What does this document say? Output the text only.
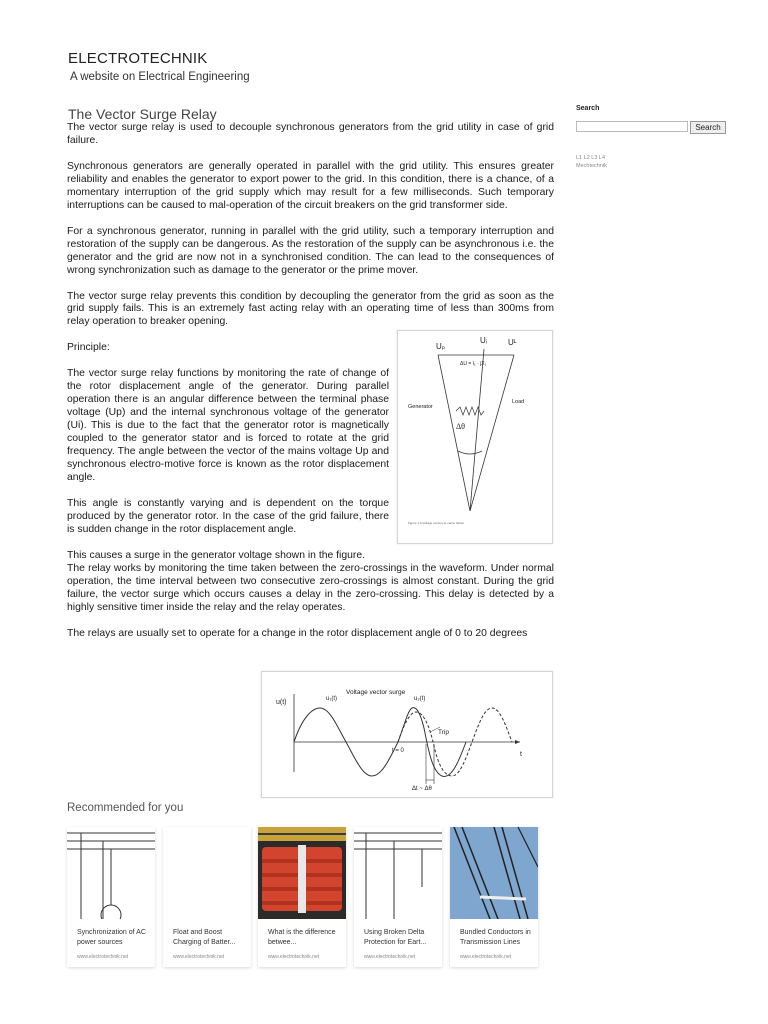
ELECTROTECHNIK
A website on Electrical Engineering
The Vector Surge Relay

The vector surge relay is used to decouple synchronous generators from the grid utility in case of grid failure.

Synchronous generators are generally operated in parallel with the grid utility. This ensures greater reliability and enables the generator to export power to the grid. In this condition, there is a chance, of a momentary interruption of the grid supply which may result for a few milliseconds. Such temporary interruptions can be caused to mal-operation of the circuit breakers on the grid transformer side.

For a synchronous generator, running in parallel with the grid utility, such a temporary interruption and restoration of the supply can be dangerous. As the restoration of the supply can be asynchronous i.e. the generator and the grid are now not in a synchronised condition. The can lead to the consequences of wrong synchronization such as damage to the generator or the prime mover.

The vector surge relay prevents this condition by decoupling the generator from the grid as soon as the grid supply fails. This is an extremely fast acting relay with an operating time of less than 300ms from relay operation to breaker opening.

Principle:

The vector surge relay functions by monitoring the rate of change of the rotor displacement angle of the generator. During parallel operation there is an angular difference between the terminal phase voltage (Up) and the internal synchronous voltage of the generator (Ui). This is due to the fact that the generator rotor is magnetically coupled to the generator stator and is forced to rotate at the grid frequency. The angle between the vector of the mains voltage Up and synchronous electro-motive force is known as the rotor displacement angle.

This angle is constantly varying and is dependent on the torque produced by the generator rotor. In the case of the grid failure, there is sudden change in the rotor displacement angle.

This causes a surge in the generator voltage shown in the figure.

The relay works by monitoring the time taken between the zero-crossings in the waveform. Under normal operation, the time interval between two consecutive zero-crossings is almost constant. During the grid failure, the vector surge which occurs causes a delay in the zero-crossing. This delay is detected by a highly sensitive timer inside the relay and the relay operates.

The relays are usually set to operate for a change in the rotor displacement angle of 0 to 20 degrees

Uₚ
Uᵢ	Uᴸ
ΔU = I₁ · jX₁
Generator
Load
Δθ
Figure 1.0 Voltage vectors at mains failure
u(t)	u₁(t)	u₂(t)
Voltage vector surge
Trip
t = 0	t
Δt ~ Δθ
Search
Search
L1 L2 L3 L4
Mechtechnik
Recommended for you
Synchronization of AC power sources
www.electrotechnik.net
Float and Boost Charging of Batter...
www.electrotechnik.net
What is the difference betwee...
www.electrotechnik.net
Using Broken Delta Protection for Eart...
www.electrotechnik.net
Bundled Conductors in Transmission Lines
www.electrotechnik.net
